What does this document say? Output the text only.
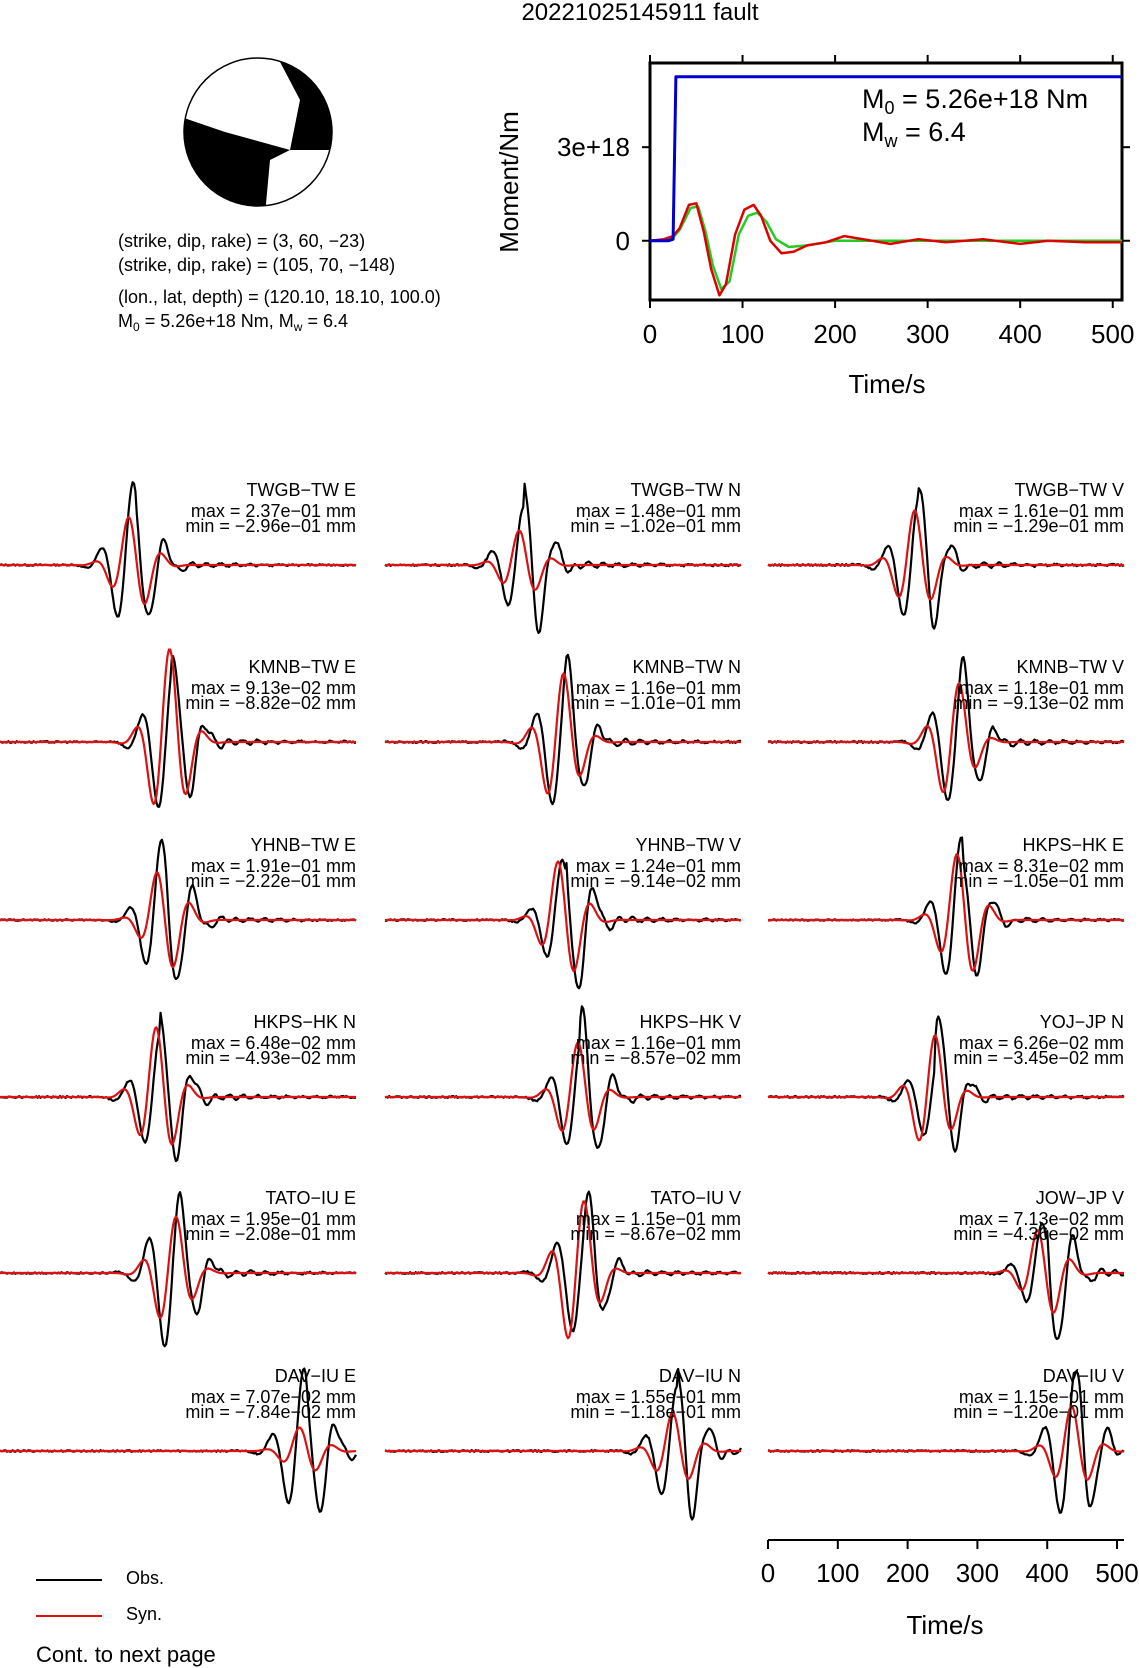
20221025145911 fault
(strike, dip, rake) = (3, 60, −23)
(strike, dip, rake) = (105, 70, −148)
(lon., lat, depth) = (120.10, 18.10, 100.0)
$M_0 = 5.26e+18$ Nm, $M_w = 6.4$	0 100 200 300 400 500
3e+18
0
Moment/Nm
Time/s
$M_0 = 5.26e+18$ Nm
$M_w = 6.4$
TWGB−TW E
max = 2.37e−01 mm
min = −2.96e−01 mm
TWGB−TW N
max = 1.48e−01 mm
min = −1.02e−01 mm
TWGB−TW V
max = 1.61e−01 mm
min = −1.29e−01 mm
KMNB−TW E
max = 9.13e−02 mm
min = −8.82e−02 mm
KMNB−TW N
max = 1.16e−01 mm
min = −1.01e−01 mm
KMNB−TW V
max = 1.18e−01 mm
min = −9.13e−02 mm
YHNB−TW E
max = 1.91e−01 mm
min = −2.22e−01 mm
YHNB−TW V
max = 1.24e−01 mm
min = −9.14e−02 mm
HKPS−HK E
max = 8.31e−02 mm
min = −1.05e−01 mm
HKPS−HK N
max = 6.48e−02 mm
min = −4.93e−02 mm
HKPS−HK V
max = 1.16e−01 mm
min = −8.57e−02 mm
YOJ−JP N
max = 6.26e−02 mm
min = −3.45e−02 mm
TATO−IU E
max = 1.95e−01 mm
min = −2.08e−01 mm
TATO−IU V
max = 1.15e−01 mm
min = −8.67e−02 mm
JOW−JP V
max = 7.13e−02 mm
min = −4.36e−02 mm
DAV−IU E
max = 7.07e−02 mm
min = −7.84e−02 mm
DAV−IU N
max = 1.55e−01 mm
min = −1.18e−01 mm
DAV−IU V
max = 1.15e−01 mm
min = −1.20e−01 mm
0 100 200 300 400 500
Time/s
Obs.
Syn.
Cont. to next page
